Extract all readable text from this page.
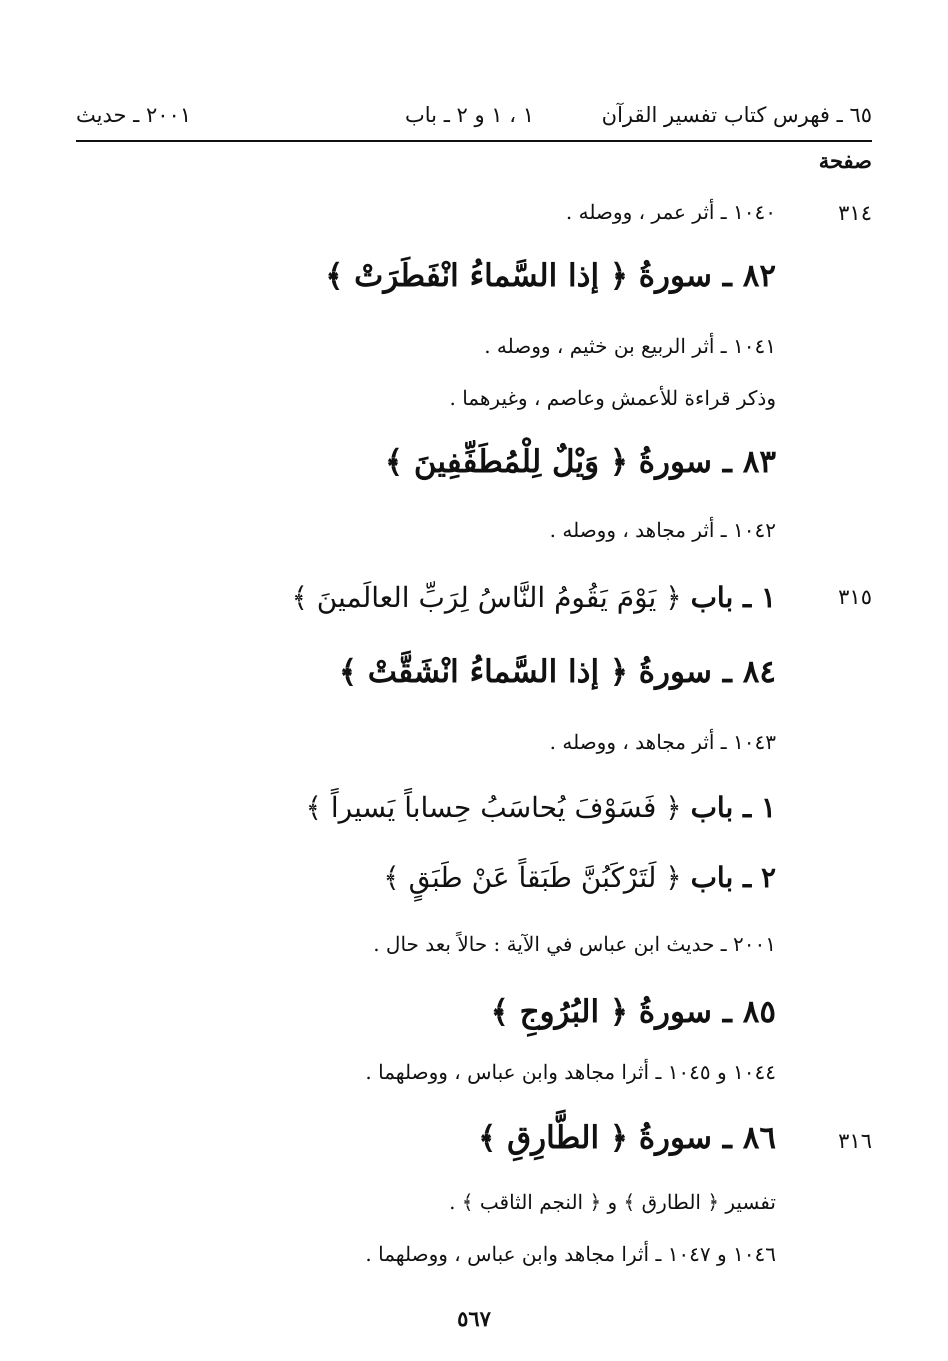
٦٥ ـ فهرس كتاب تفسير القرآن
١ ، ١ و ٢ ـ باب
٢٠٠١ ـ حديث
صفحة
٣١٤
١٠٤٠ ـ أثر عمر ، ووصله .
٨٢ ـ سورةُ ﴿ إذا السَّماءُ انْفَطَرَتْ ﴾
١٠٤١ ـ أثر الربيع بن خثيم ، ووصله .
وذكر قراءة للأعمش وعاصم ، وغيرهما .
٨٣ ـ سورةُ ﴿ وَيْلٌ لِلْمُطَفِّفِينَ ﴾
١٠٤٢ ـ أثر مجاهد ، ووصله .
٣١٥
١ ـ باب ﴿ يَوْمَ يَقُومُ النَّاسُ لِرَبِّ العالَمينَ ﴾
٨٤ ـ سورةُ ﴿ إذا السَّماءُ انْشَقَّتْ ﴾
١٠٤٣ ـ أثر مجاهد ، ووصله .
١ ـ باب ﴿ فَسَوْفَ يُحاسَبُ حِساباً يَسيراً ﴾
٢ ـ باب ﴿ لَتَرْكَبُنَّ طَبَقاً عَنْ طَبَقٍ ﴾
٢٠٠١ ـ حديث ابن عباس في الآية : حالاً بعد حال .
٨٥ ـ سورةُ ﴿ البُرُوجِ ﴾
١٠٤٤ و ١٠٤٥ ـ أثرا مجاهد وابن عباس ، ووصلهما .
٣١٦
٨٦ ـ سورةُ ﴿ الطَّارِقِ ﴾
تفسير ﴿ الطارق ﴾ و ﴿ النجم الثاقب ﴾ .
١٠٤٦ و ١٠٤٧ ـ أثرا مجاهد وابن عباس ، ووصلهما .
٥٦٧
